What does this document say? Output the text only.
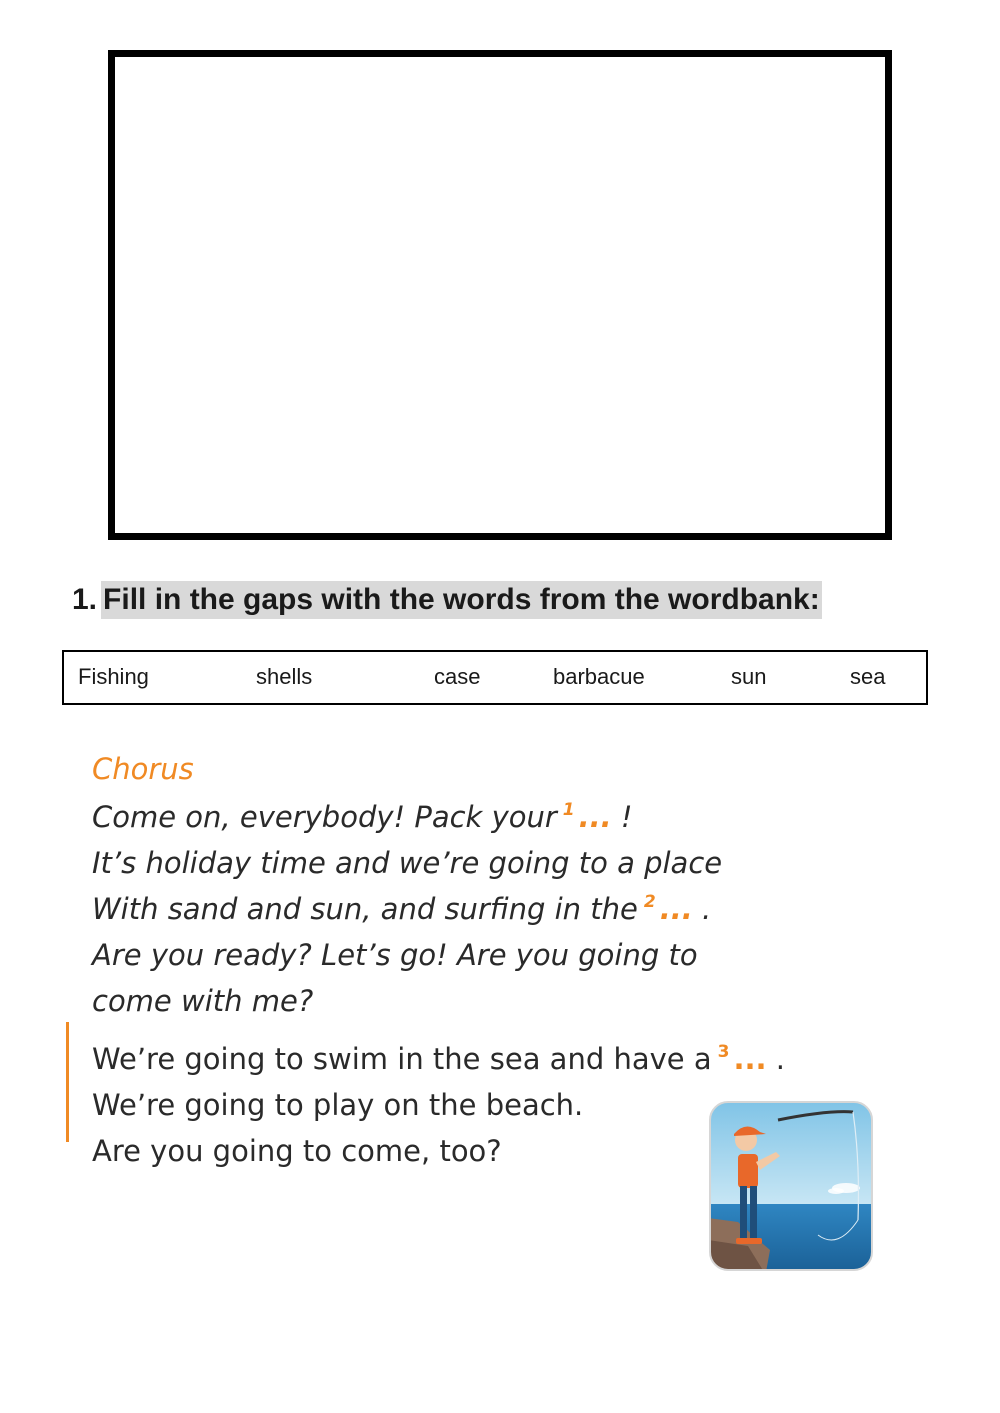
1. Fill in the gaps with the words from the wordbank:
Fishing	shells	case	barbacue	sun	sea
Chorus
Come on, everybody! Pack your $^1$ ... !
It’s holiday time and we’re going to a place
With sand and sun, and surfing in the $^2$ ... .
Are you ready? Let’s go! Are you going to
come with me?
We’re going to swim in the sea and have a $^3$ ... .
We’re going to play on the beach.
Are you going to come, too?
